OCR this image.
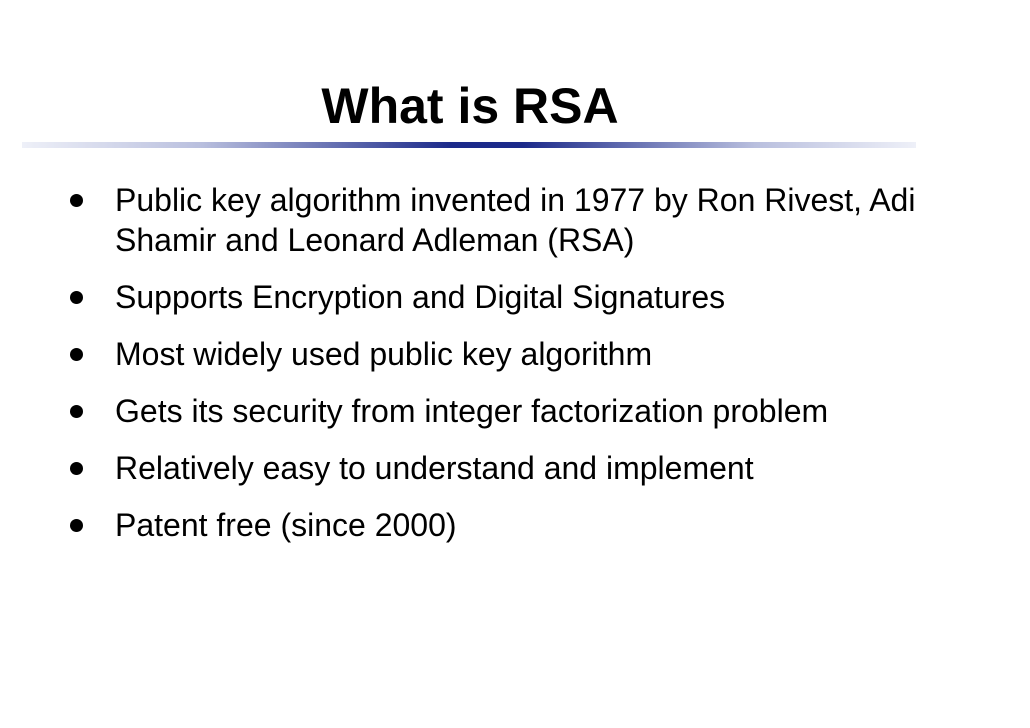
What is RSA
Public key algorithm invented in 1977 by Ron Rivest, Adi Shamir and Leonard Adleman (RSA)
Supports Encryption and Digital Signatures
Most widely used public key algorithm
Gets its security from integer factorization problem
Relatively easy to understand and implement
Patent free (since 2000)
